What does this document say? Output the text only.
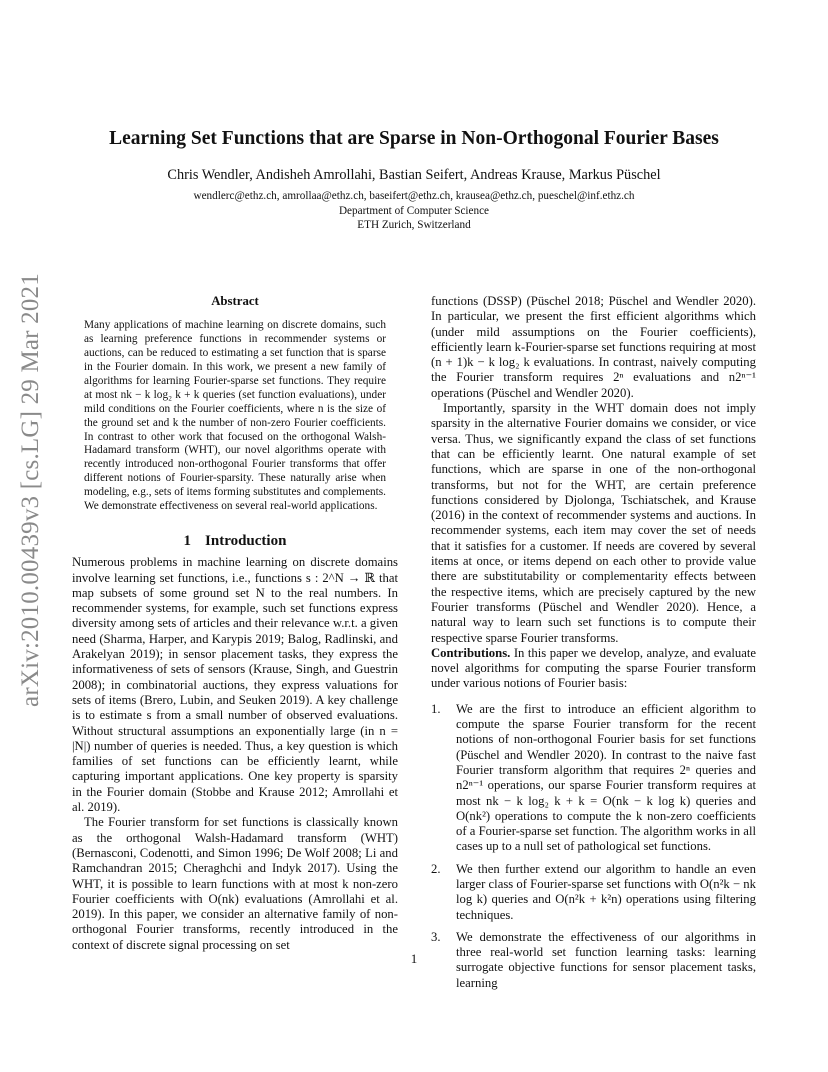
arXiv:2010.00439v3 [cs.LG] 29 Mar 2021
Learning Set Functions that are Sparse in Non-Orthogonal Fourier Bases
Chris Wendler, Andisheh Amrollahi, Bastian Seifert, Andreas Krause, Markus Püschel
wendlerc@ethz.ch, amrollaa@ethz.ch, baseifert@ethz.ch, krausea@ethz.ch, pueschel@inf.ethz.ch
Department of Computer Science
ETH Zurich, Switzerland

Abstract

Many applications of machine learning on discrete domains, such as learning preference functions in recommender systems or auctions, can be reduced to estimating a set function that is sparse in the Fourier domain. In this work, we present a new family of algorithms for learning Fourier-sparse set functions. They require at most nk − k log₂ k + k queries (set function evaluations), under mild conditions on the Fourier coefficients, where n is the size of the ground set and k the number of non-zero Fourier coefficients. In contrast to other work that focused on the orthogonal Walsh-Hadamard transform (WHT), our novel algorithms operate with recently introduced non-orthogonal Fourier transforms that offer different notions of Fourier-sparsity. These naturally arise when modeling, e.g., sets of items forming substitutes and complements. We demonstrate effectiveness on several real-world applications.

1 Introduction

Numerous problems in machine learning on discrete domains involve learning set functions, i.e., functions s : 2^N → ℝ that map subsets of some ground set N to the real numbers. In recommender systems, for example, such set functions express diversity among sets of articles and their relevance w.r.t. a given need (Sharma, Harper, and Karypis 2019; Balog, Radlinski, and Arakelyan 2019); in sensor placement tasks, they express the informativeness of sets of sensors (Krause, Singh, and Guestrin 2008); in combinatorial auctions, they express valuations for sets of items (Brero, Lubin, and Seuken 2019). A key challenge is to estimate s from a small number of observed evaluations. Without structural assumptions an exponentially large (in n = |N|) number of queries is needed. Thus, a key question is which families of set functions can be efficiently learnt, while capturing important applications. One key property is sparsity in the Fourier domain (Stobbe and Krause 2012; Amrollahi et al. 2019).

The Fourier transform for set functions is classically known as the orthogonal Walsh-Hadamard transform (WHT) (Bernasconi, Codenotti, and Simon 1996; De Wolf 2008; Li and Ramchandran 2015; Cheraghchi and Indyk 2017). Using the WHT, it is possible to learn functions with at most k non-zero Fourier coefficients with O(nk) evaluations (Amrollahi et al. 2019). In this paper, we consider an alternative family of non-orthogonal Fourier transforms, recently introduced in the context of discrete signal processing on set

functions (DSSP) (Püschel 2018; Püschel and Wendler 2020). In particular, we present the first efficient algorithms which (under mild assumptions on the Fourier coefficients), efficiently learn k-Fourier-sparse set functions requiring at most (n + 1)k − k log₂ k evaluations. In contrast, naively computing the Fourier transform requires 2ⁿ evaluations and n2ⁿ⁻¹ operations (Püschel and Wendler 2020).

Importantly, sparsity in the WHT domain does not imply sparsity in the alternative Fourier domains we consider, or vice versa. Thus, we significantly expand the class of set functions that can be efficiently learnt. One natural example of set functions, which are sparse in one of the non-orthogonal transforms, but not for the WHT, are certain preference functions considered by Djolonga, Tschiatschek, and Krause (2016) in the context of recommender systems and auctions. In recommender systems, each item may cover the set of needs that it satisfies for a customer. If needs are covered by several items at once, or items depend on each other to provide value there are substitutability or complementarity effects between the respective items, which are precisely captured by the new Fourier transforms (Püschel and Wendler 2020). Hence, a natural way to learn such set functions is to compute their respective sparse Fourier transforms.

Contributions. In this paper we develop, analyze, and evaluate novel algorithms for computing the sparse Fourier transform under various notions of Fourier basis:

1. We are the first to introduce an efficient algorithm to compute the sparse Fourier transform for the recent notions of non-orthogonal Fourier basis for set functions (Püschel and Wendler 2020). In contrast to the naive fast Fourier transform algorithm that requires 2ⁿ queries and n2ⁿ⁻¹ operations, our sparse Fourier transform requires at most nk − k log₂ k + k = O(nk − k log k) queries and O(nk²) operations to compute the k non-zero coefficients of a Fourier-sparse set function. The algorithm works in all cases up to a null set of pathological set functions.
2. We then further extend our algorithm to handle an even larger class of Fourier-sparse set functions with O(n²k − nk log k) queries and O(n²k + k²n) operations using filtering techniques.
3. We demonstrate the effectiveness of our algorithms in three real-world set function learning tasks: learning surrogate objective functions for sensor placement tasks, learning
1
